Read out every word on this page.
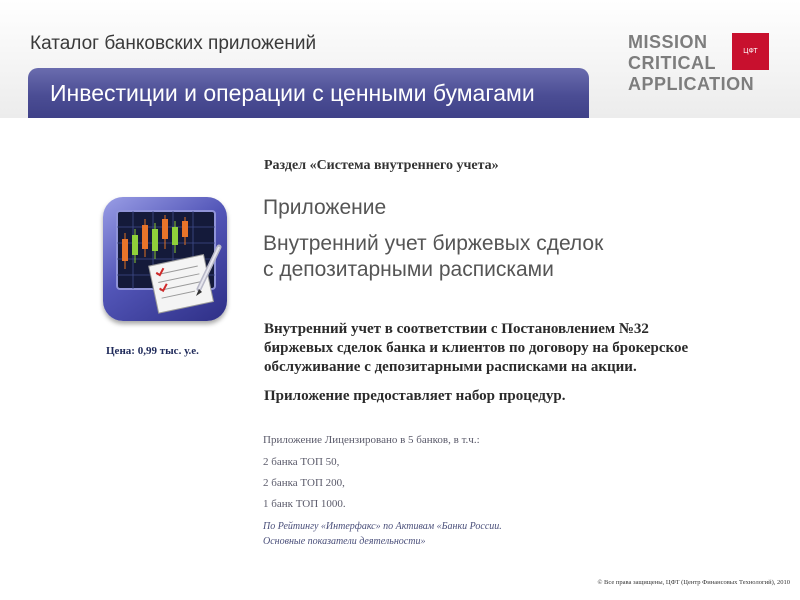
Каталог банковских приложений
Инвестиции и операции с ценными бумагами
MISSION
CRITICAL
APPLICATION
ЦФТ
Цена: 0,99 тыс. у.е.
Раздел «Система внутреннего учета»
Приложение
Внутренний учет биржевых сделок
с депозитарными расписками
Внутренний учет в соответствии с Постановлением №32
биржевых сделок банка и клиентов по договору на брокерское
обслуживание с депозитарными расписками на акции.
Приложение предоставляет набор процедур.
Приложение Лицензировано в 5 банков, в т.ч.:
2 банка ТОП 50,
2 банка ТОП 200,
1 банк ТОП 1000.
По Рейтингу «Интерфакс» по Активам «Банки России.
Основные показатели деятельности»
© Все права защищены, ЦФТ (Центр Финансовых Технологий), 2010
